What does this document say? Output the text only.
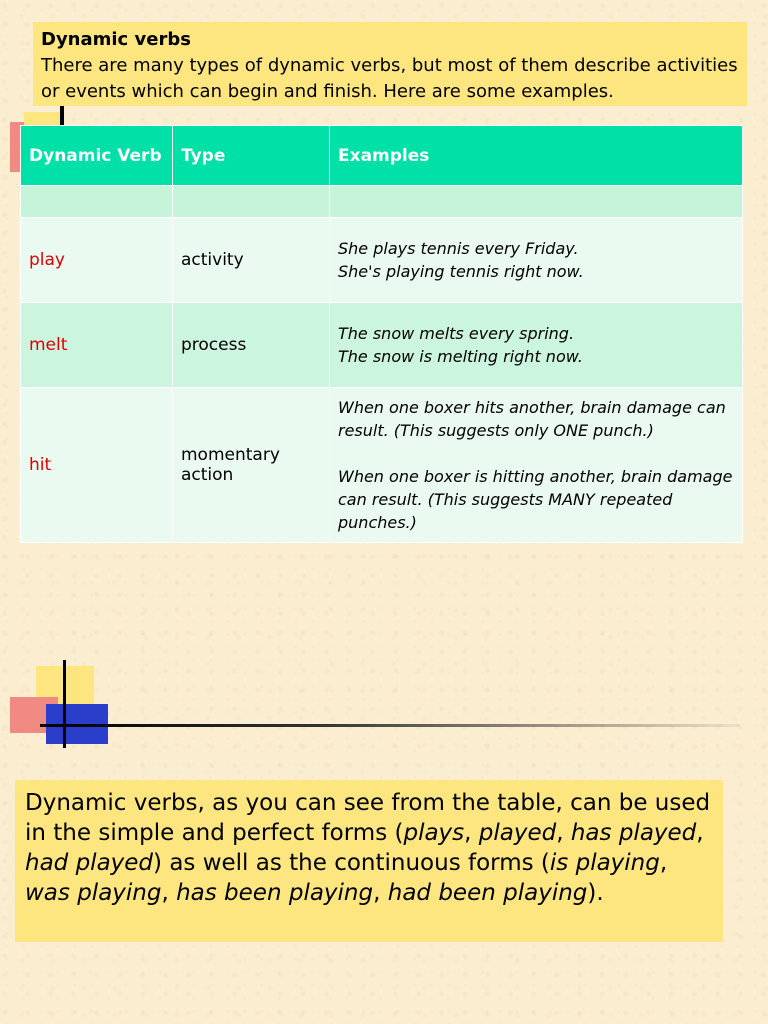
Dynamic verbs
There are many types of dynamic verbs, but most of them describe activities or events which can begin and finish. Here are some examples.
Dynamic Verb	Type	Examples

play	activity	She plays tennis every Friday.
She's playing tennis right now.

melt	process	The snow melts every spring.
The snow is melting right now.

hit	momentary action	When one boxer hits another, brain damage can result. (This suggests only ONE punch.)
When one boxer is hitting another, brain damage can result. (This suggests MANY repeated punches.)
Dynamic verbs, as you can see from the table, can be used in the simple and perfect forms (plays, played, has played, had played) as well as the continuous forms (is playing, was playing, has been playing, had been playing).
